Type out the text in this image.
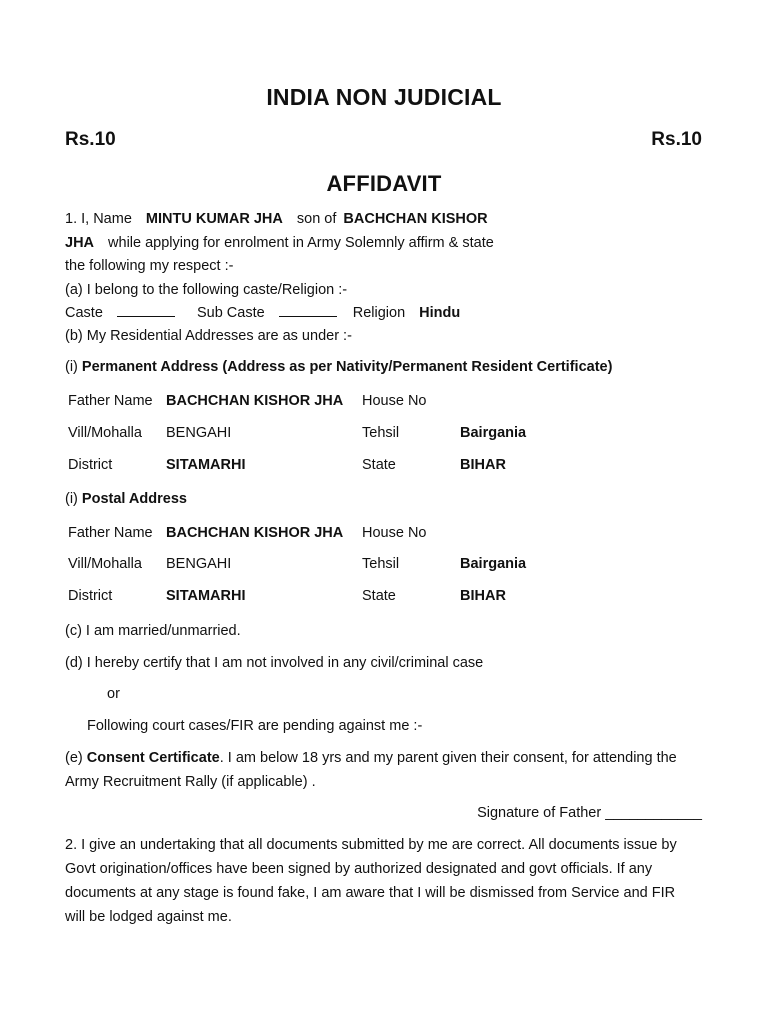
INDIA NON JUDICIAL
Rs.10	Rs.10
AFFIDAVIT
1. I, Name MINTU KUMAR JHA son of BACHCHAN KISHOR
JHA while applying for enrolment in Army Solemnly affirm & state
the following my respect :-
(a) I belong to the following caste/Religion :-
Caste	Sub Caste	Religion Hindu
(b) My Residential Addresses are as under :-
(i) Permanent Address (Address as per Nativity/Permanent Resident Certificate)
Father Name BACHCHAN KISHOR JHA House No
Vill/Mohalla BENGAHI	Tehsil	Bairgania
District	SITAMARHI	State	BIHAR
(i) Postal Address
Father Name BACHCHAN KISHOR JHA House No
Vill/Mohalla BENGAHI	Tehsil	Bairgania
District	SITAMARHI	State	BIHAR
(c) I am married/unmarried.
(d) I hereby certify that I am not involved in any civil/criminal case
or
Following court cases/FIR are pending against me :-
(e) Consent Certificate. I am below 18 yrs and my parent given their consent, for attending the
Army Recruitment Rally (if applicable) .
Signature of Father ____________
2. I give an undertaking that all documents submitted by me are correct. All documents issue by
Govt origination/offices have been signed by authorized designated and govt officials. If any
documents at any stage is found fake, I am aware that I will be dismissed from Service and FIR
will be lodged against me.
